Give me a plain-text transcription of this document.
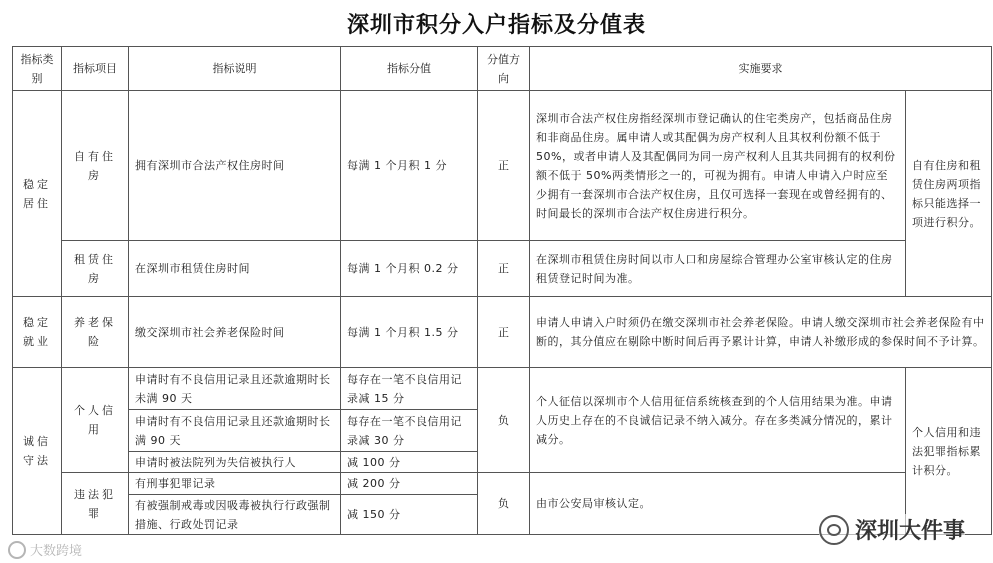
深圳市积分入户指标及分值表
指标类别	指标项目	指标说明	指标分值	分值方向	实施要求	
稳定居住	自有住房	拥有深圳市合法产权住房时间	每满 1 个月积 1 分	正	深圳市合法产权住房指经深圳市登记确认的住宅类房产，包括商品住房和非商品住房。属申请人或其配偶为房产权利人且其权利份额不低于 50%，或者申请人及其配偶同为同一房产权利人且其共同拥有的权利份额不低于 50%两类情形之一的，可视为拥有。申请人申请入户时应至少拥有一套深圳市合法产权住房，且仅可选择一套现在或曾经拥有的、时间最长的深圳市合法产权住房进行积分。	自有住房和租赁住房两项指标只能选择一项进行积分。
	租赁住房	在深圳市租赁住房时间	每满 1 个月积 0.2 分	正	在深圳市租赁住房时间以市人口和房屋综合管理办公室审核认定的住房租赁登记时间为准。	
稳定就业	养老保险	缴交深圳市社会养老保险时间	每满 1 个月积 1.5 分	正	申请人申请入户时须仍在缴交深圳市社会养老保险。申请人缴交深圳市社会养老保险有中断的，其分值应在剔除中断时间后再予累计计算，申请人补缴形成的参保时间不予计算。	
诚信守法	个人信用	申请时有不良信用记录且还款逾期时长未满 90 天	每存在一笔不良信用记录减 15 分	负	个人征信以深圳市个人信用征信系统核查到的个人信用结果为准。申请人历史上存在的不良诚信记录不纳入减分。存在多类减分情况的，累计减分。	个人信用和违法犯罪指标累计积分。
		申请时有不良信用记录且还款逾期时长满 90 天	每存在一笔不良信用记录减 30 分			
		申请时被法院列为失信被执行人	减 100 分			
	违法犯罪	有刑事犯罪记录	减 200 分	负	由市公安局审核认定。	
		有被强制戒毒或因吸毒被执行行政强制措施、行政处罚记录	减 150 分			
深圳大件事
大数跨境
